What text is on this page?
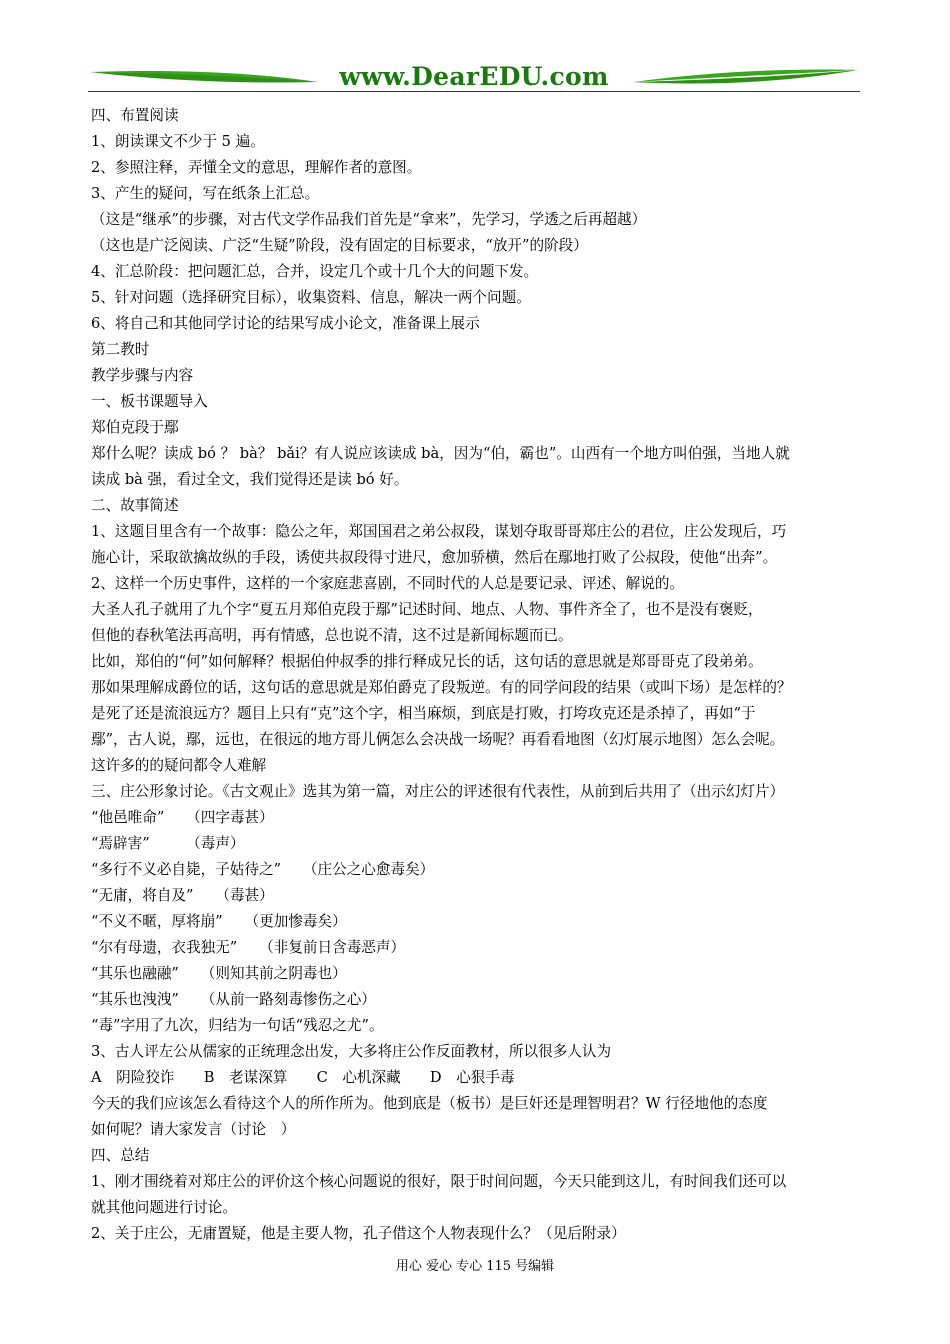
www.DearEDU.com
四、布置阅读
1、朗读课文不少于 5 遍。
2、参照注释，弄懂全文的意思，理解作者的意图。
3、产生的疑问，写在纸条上汇总。
（这是“继承”的步骤，对古代文学作品我们首先是“拿来”，先学习，学透之后再超越）
（这也是广泛阅读、广泛“生疑”阶段，没有固定的目标要求，“放开”的阶段）
4、汇总阶段：把问题汇总，合并，设定几个或十几个大的问题下发。
5、针对问题（选择研究目标），收集资料、信息，解决一两个问题。
6、将自己和其他同学讨论的结果写成小论文，准备课上展示
第二教时
教学步骤与内容
一、板书课题导入
郑伯克段于鄢
郑什么呢？读成 bó ？ bà？ bǎi？有人说应该读成 bà，因为“伯，霸也”。山西有一个地方叫伯强，当地人就
读成 bà 强，看过全文，我们觉得还是读 bó 好。
二、故事简述
1、这题目里含有一个故事：隐公之年，郑国国君之弟公叔段，谋划夺取哥哥郑庄公的君位，庄公发现后，巧
施心计，采取欲擒故纵的手段，诱使共叔段得寸进尺，愈加骄横，然后在鄢地打败了公叔段，使他“出奔”。
2、这样一个历史事件，这样的一个家庭悲喜剧，不同时代的人总是要记录、评述、解说的。
大圣人孔子就用了九个字“夏五月郑伯克段于鄢”记述时间、地点、人物、事件齐全了，也不是没有褒贬，
但他的春秋笔法再高明，再有情感，总也说不清，这不过是新闻标题而已。
比如，郑伯的“何”如何解释？根据伯仲叔季的排行释成兄长的话，这句话的意思就是郑哥哥克了段弟弟。
那如果理解成爵位的话，这句话的意思就是郑伯爵克了段叛逆。有的同学问段的结果（或叫下场）是怎样的？
是死了还是流浪远方？题目上只有“克”这个字，相当麻烦，到底是打败，打垮攻克还是杀掉了，再如“于
鄢”，古人说，鄢，远也，在很远的地方哥儿俩怎么会决战一场呢？再看看地图（幻灯展示地图）怎么会呢。
这许多的的疑问都令人难解
三、庄公形象讨论。《古文观止》选其为第一篇，对庄公的评述很有代表性，从前到后共用了（出示幻灯片）
“他邑唯命”　　（四字毒甚）
“焉辟害”　　　（毒声）
“多行不义必自毙，子姑待之”　　（庄公之心愈毒矣）
“无庸，将自及”　　（毒甚）
“不义不暱，厚将崩”　　（更加惨毒矣）
“尔有母遗，衣我独无”　　（非复前日含毒恶声）
“其乐也融融”　　（则知其前之阴毒也）
“其乐也洩洩”　　（从前一路刻毒惨伤之心）
“毒”字用了九次，归结为一句话“残忍之尤”。
3、古人评左公从儒家的正统理念出发，大多将庄公作反面教材，所以很多人认为
A　阴险狡诈　　B　老谋深算　　C　心机深藏　　D　心狠手毒
今天的我们应该怎么看待这个人的所作所为。他到底是（板书）是巨奸还是理智明君？W 行径地他的态度
如何呢？请大家发言（讨论　）
四、总结
1、刚才围绕着对郑庄公的评价这个核心问题说的很好，限于时间问题，今天只能到这儿，有时间我们还可以
就其他问题进行讨论。
2、关于庄公，无庸置疑，他是主要人物，孔子借这个人物表现什么？（见后附录）
用心 爱心 专心 115 号编辑
